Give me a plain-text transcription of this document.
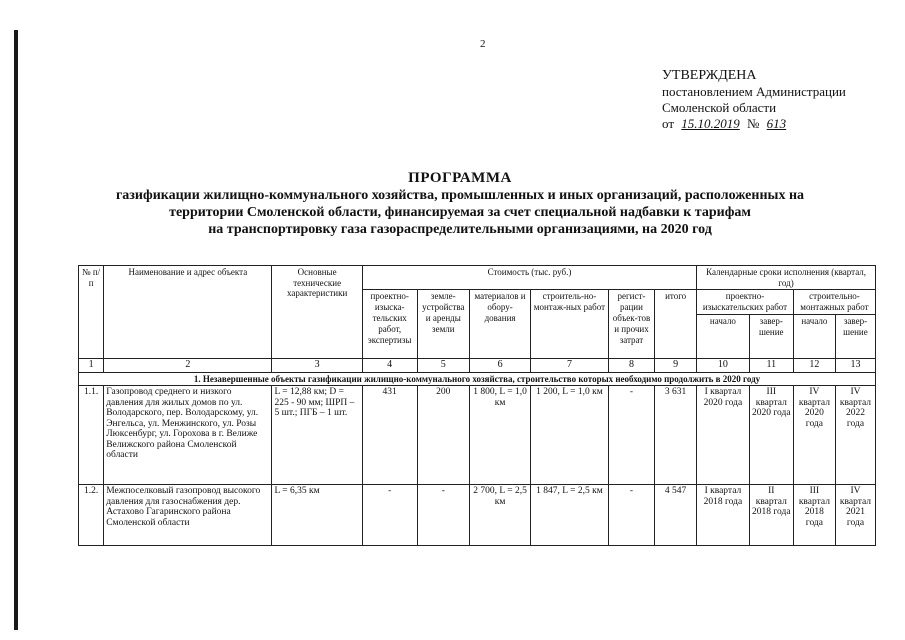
2
УТВЕРЖДЕНА
постановлением Администрации
Смоленской области
от 15.10.2019 № 613
ПРОГРАММА
газификации жилищно-коммунального хозяйства, промышленных и иных организаций, расположенных на
территории Смоленской области, финансируемая за счет специальной надбавки к тарифам
на транспортировку газа газораспределительными организациями, на 2020 год
№ п/п	Наименование и адрес объекта	Основные технические характеристики	Стоимость (тыс. руб.)						Календарные сроки исполнения (квартал, год)			
			проектно-изыска-тельских работ, экспертизы	земле-устройства и аренды земли	материалов и обору-дования	строитель-но-монтаж-ных работ	регист-рации объек-тов и прочих затрат	итого	проектно-изыскательских работ		строительно-монтажных работ	
									начало	завер-шение	начало	завер-шение
1	2	3	4	5	6	7	8	9	10	11	12	13
1. Незавершенные объекты газификации жилищно-коммунального хозяйства, строительство которых необходимо продолжить в 2020 году												
1.1.	Газопровод среднего и низкого давления для жилых домов по ул. Володарского, пер. Володарскому, ул. Энгельса, ул. Менжинского, ул. Розы Люксенбург, ул. Горохова в г. Велиже Велижского района Смоленской области	L = 12,88 км; D = 225 - 90 мм; ШРП – 5 шт.; ПГБ – 1 шт.	431	200	1 800, L = 1,0 км	1 200, L = 1,0 км	-	3 631	I квартал 2020 года	III квартал 2020 года	IV квартал 2020 года	IV квартал 2022 года
1.2.	Межпоселковый газопровод высокого давления для газоснабжения дер. Астахово Гагаринского района Смоленской области	L = 6,35 км	-	-	2 700, L = 2,5 км	1 847, L = 2,5 км	-	4 547	I квартал 2018 года	II квартал 2018 года	III квартал 2018 года	IV квартал 2021 года
